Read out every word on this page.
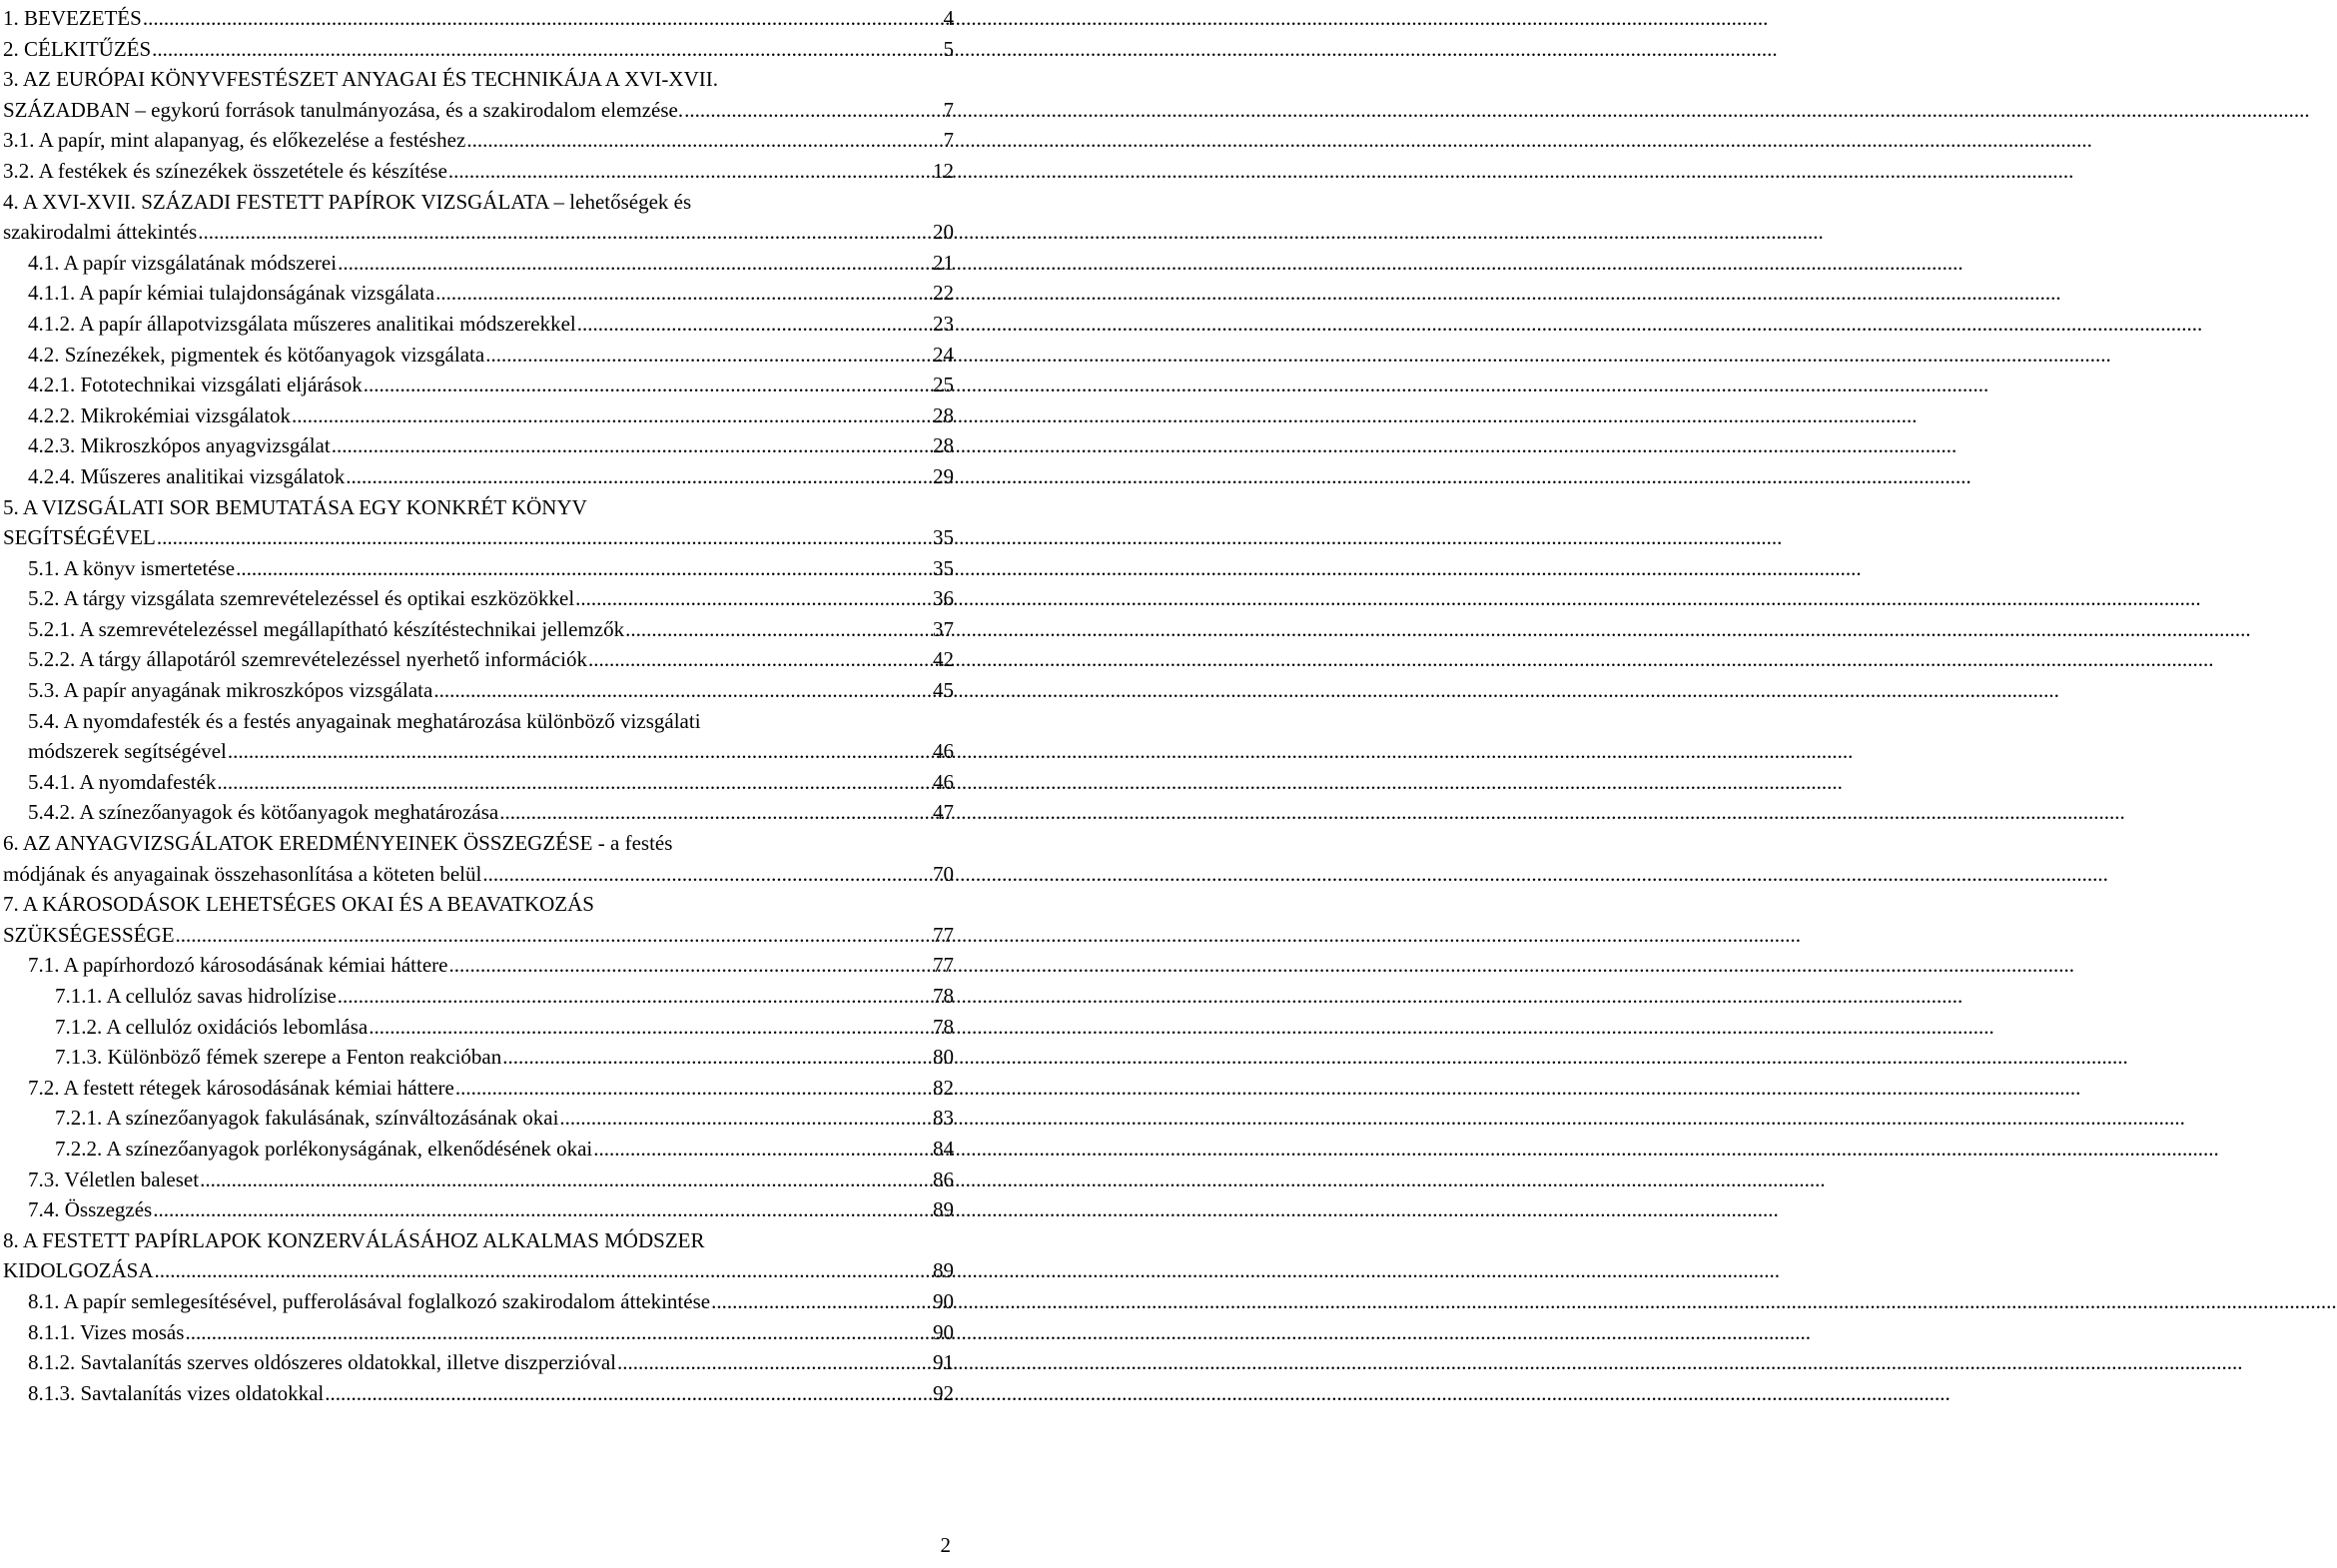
1. BEVEZETÉS .....	4
2. CÉLKITŰZÉS .....	5
3. AZ EURÓPAI KÖNYVFESTÉSZET ANYAGAI ÉS TECHNIKÁJA A XVI-XVII.
SZÁZADBAN – egykorú források tanulmányozása, és a szakirodalom elemzése. .....	7
3.1. A papír, mint alapanyag, és előkezelése a festéshez .....	7
3.2. A festékek és színezékek összetétele és készítése .....	12
4. A XVI-XVII. SZÁZADI FESTETT PAPÍROK VIZSGÁLATA – lehetőségek és
szakirodalmi áttekintés .....	20
4.1. A papír vizsgálatának módszerei .....	21
4.1.1. A papír kémiai tulajdonságának vizsgálata .....	22
4.1.2. A papír állapotvizsgálata műszeres analitikai módszerekkel .....	23
4.2. Színezékek, pigmentek és kötőanyagok vizsgálata .....	24
4.2.1. Fototechnikai vizsgálati eljárások .....	25
4.2.2. Mikrokémiai vizsgálatok .....	28
4.2.3. Mikroszkópos anyagvizsgálat .....	28
4.2.4. Műszeres analitikai vizsgálatok .....	29
5. A VIZSGÁLATI SOR BEMUTATÁSA EGY KONKRÉT KÖNYV
SEGÍTSÉGÉVEL .....	35
5.1. A könyv ismertetése .....	35
5.2. A tárgy vizsgálata szemrevételezéssel és optikai eszközökkel .....	36
5.2.1. A szemrevételezéssel megállapítható készítéstechnikai jellemzők .....	37
5.2.2. A tárgy állapotáról szemrevételezéssel nyerhető információk .....	42
5.3. A papír anyagának mikroszkópos vizsgálata .....	45
5.4. A nyomdafesték és a festés anyagainak meghatározása különböző vizsgálati
módszerek segítségével .....	46
5.4.1. A nyomdafesték .....	46
5.4.2. A színezőanyagok és kötőanyagok meghatározása .....	47
6. AZ ANYAGVIZSGÁLATOK EREDMÉNYEINEK ÖSSZEGZÉSE - a festés
módjának és anyagainak összehasonlítása a köteten belül .....	70
7. A KÁROSODÁSOK LEHETSÉGES OKAI ÉS A BEAVATKOZÁS
SZÜKSÉGESSÉGE .....	77
7.1. A papírhordozó károsodásának kémiai háttere .....	77
7.1.1. A cellulóz savas hidrolízise .....	78
7.1.2. A cellulóz oxidációs lebomlása .....	78
7.1.3. Különböző fémek szerepe a Fenton reakcióban .....	80
7.2. A festett rétegek károsodásának kémiai háttere .....	82
7.2.1. A színezőanyagok fakulásának, színváltozásának okai .....	83
7.2.2. A színezőanyagok porlékonyságának, elkenődésének okai .....	84
7.3. Véletlen baleset .....	86
7.4. Összegzés .....	89
8. A FESTETT PAPÍRLAPOK KONZERVÁLÁSÁHOZ ALKALMAS MÓDSZER
KIDOLGOZÁSA .....	89
8.1. A papír semlegesítésével, pufferolásával foglalkozó szakirodalom áttekintése .....	90
8.1.1. Vizes mosás .....	90
8.1.2. Savtalanítás szerves oldószeres oldatokkal, illetve diszperzióval .....	91
8.1.3. Savtalanítás vizes oldatokkal .....	92
2
